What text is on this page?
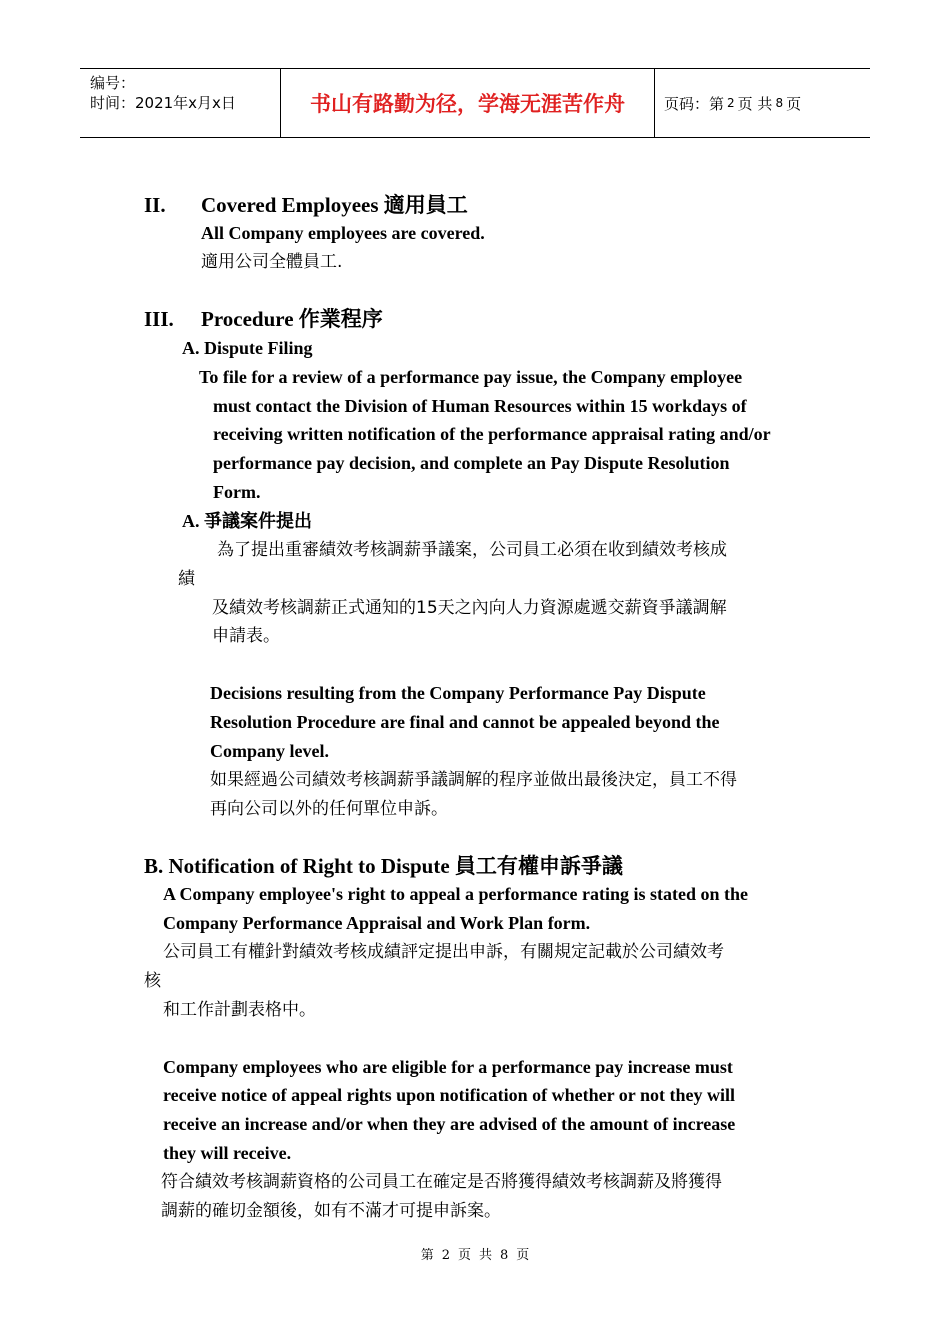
编号：
时间：2021年x月x日	书山有路勤为径，学海无涯苦作舟	页码：第 2 页 共 8 页
II. Covered Employees 適用員工
All Company employees are covered.
適用公司全體員工.
III. Procedure 作業程序
A. Dispute Filing
To file for a review of a performance pay issue, the Company employee
must contact the Division of Human Resources within 15 workdays of
receiving written notification of the performance appraisal rating and/or
performance pay decision, and complete an Pay Dispute Resolution
Form.
A. 爭議案件提出
為了提出重審績效考核調薪爭議案，公司員工必須在收到績效考核成
績
及績效考核調薪正式通知的15天之內向人力資源處遞交薪資爭議調解
申請表。
Decisions resulting from the Company Performance Pay Dispute
Resolution Procedure are final and cannot be appealed beyond the
Company level.
如果經過公司績效考核調薪爭議調解的程序並做出最後決定，員工不得
再向公司以外的任何單位申訴。
B. Notification of Right to Dispute 員工有權申訴爭議
A Company employee's right to appeal a performance rating is stated on the
Company Performance Appraisal and Work Plan form.
公司員工有權針對績效考核成績評定提出申訴，有關規定記載於公司績效考
核
和工作計劃表格中。
Company employees who are eligible for a performance pay increase must
receive notice of appeal rights upon notification of whether or not they will
receive an increase and/or when they are advised of the amount of increase
they will receive.
符合績效考核調薪資格的公司員工在確定是否將獲得績效考核調薪及將獲得
調薪的確切金額後，如有不滿才可提申訴案。
第 2 页 共 8 页
